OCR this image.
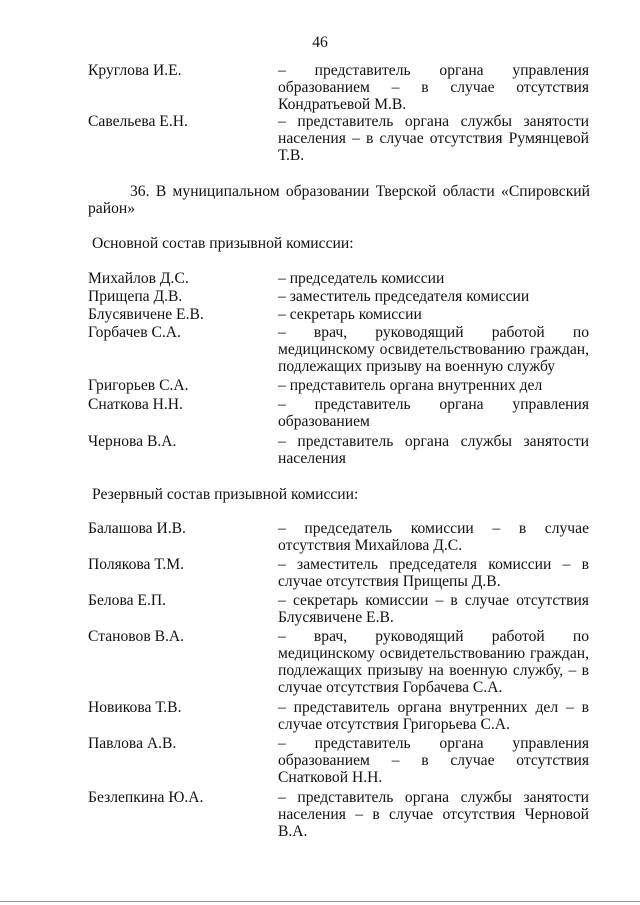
46
Круглова И.Е.	– представитель органа управления образованием – в случае отсутствия Кондратьевой М.В.
Савельева Е.Н.	– представитель органа службы занятости населения – в случае отсутствия Румянцевой Т.В.
36. В муниципальном образовании Тверской области «Спировский район»
Основной состав призывной комиссии:
Михайлов Д.С.	– председатель комиссии
Прищепа Д.В.	– заместитель председателя комиссии
Блусявичене Е.В.	– секретарь комиссии
Горбачев С.А.	– врач, руководящий работой по медицинскому освидетельствованию граждан, подлежащих призыву на военную службу
Григорьев С.А.	– представитель органа внутренних дел
Снаткова Н.Н.	– представитель органа управления образованием
Чернова В.А.	– представитель органа службы занятости населения
Резервный состав призывной комиссии:
Балашова И.В.	– председатель комиссии – в случае отсутствия Михайлова Д.С.
Полякова Т.М.	– заместитель председателя комиссии – в случае отсутствия Прищепы Д.В.
Белова Е.П.	– секретарь комиссии – в случае отсутствия Блусявичене Е.В.
Становов В.А.	– врач, руководящий работой по медицинскому освидетельствованию граждан, подлежащих призыву на военную службу, – в случае отсутствия Горбачева С.А.
Новикова Т.В.	– представитель органа внутренних дел – в случае отсутствия Григорьева С.А.
Павлова А.В.	– представитель органа управления образованием – в случае отсутствия Снатковой Н.Н.
Безлепкина Ю.А.	– представитель органа службы занятости населения – в случае отсутствия Черновой В.А.
